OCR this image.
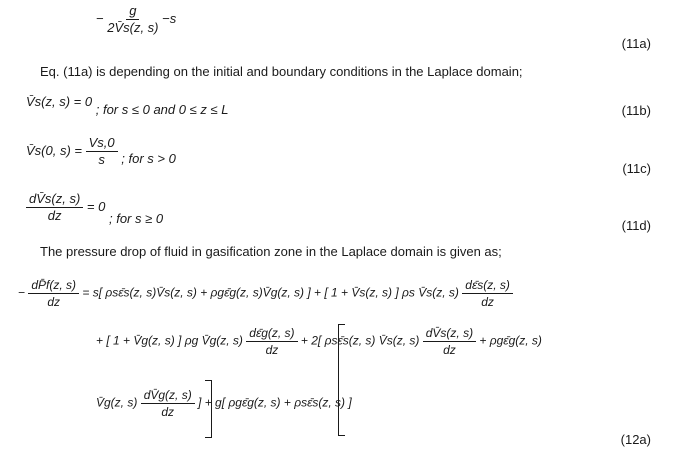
− $\frac{g}{2V̄s(z, s)} -s$
(11a)
Eq. (11a) is depending on the initial and boundary conditions in the Laplace domain;
V̄s(z, s) = 0 ; for s ≤ 0 and 0 ≤ z ≤ L	(11b)
V̄s(0, $s) = \frac{Vs,0}{s}$ ; for s > 0
(11c)
$\frac{dV̄s(z, s)}{dz} = 0$ ; for s ≥ 0	(11d)
The pressure drop of fluid in gasification zone in the Laplace domain is given as;
− $\frac{dP̄f(z, s)}{dz} = s$[ ρsε̄s(z, s)V̄s(z, s) + ρgε̄g(z, s)V̄g(z, s) ] + [ 1 + V̄s(z, s) ] ρs V̄s(z, $s) \frac{d\varepsilon̄s(z, s)}{dz}$
+ [ 1 + V̄g(z, s) ] ρg V̄g(z, $s) \frac{d\varepsilon̄g(z, s)}{dz} + 2$[ ρsε̄s(z, s) V̄s(z, $s) \frac{dV̄s(z, s)}{dz}$ + ρgε̄g(z, s)
V̄g(z, $s) \frac{dV̄g(z, s)}{dz}$ ] + g[ ρgε̄g(z, s) + ρsε̄s(z, s) ]
(12a)
